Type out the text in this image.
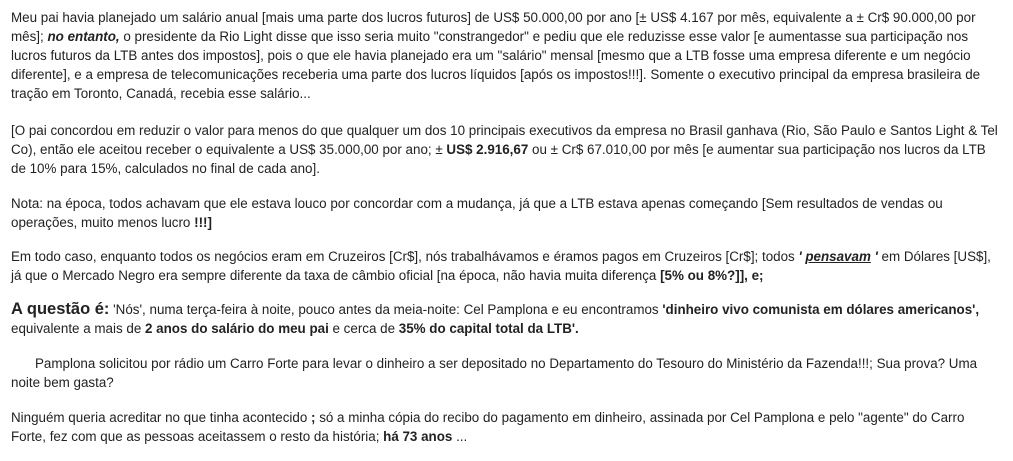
Meu pai havia planejado um salário anual [mais uma parte dos lucros futuros] de US$ 50.000,00 por ano [± US$ 4.167 por mês, equivalente a ± Cr$ 90.000,00 por mês]; no entanto, o presidente da Rio Light disse que isso seria muito "constrangedor" e pediu que ele reduzisse esse valor [e aumentasse sua participação nos lucros futuros da LTB antes dos impostos], pois o que ele havia planejado era um "salário" mensal [mesmo que a LTB fosse uma empresa diferente e um negócio diferente], e a empresa de telecomunicações receberia uma parte dos lucros líquidos [após os impostos!!!]. Somente o executivo principal da empresa brasileira de tração em Toronto, Canadá, recebia esse salário...

[O pai concordou em reduzir o valor para menos do que qualquer um dos 10 principais executivos da empresa no Brasil ganhava (Rio, São Paulo e Santos Light & Tel Co), então ele aceitou receber o equivalente a US$ 35.000,00 por ano; ± US$ 2.916,67 ou ± Cr$ 67.010,00 por mês [e aumentar sua participação nos lucros da LTB de 10% para 15%, calculados no final de cada ano].

Nota: na época, todos achavam que ele estava louco por concordar com a mudança, já que a LTB estava apenas começando [Sem resultados de vendas ou operações, muito menos lucro !!!]

Em todo caso, enquanto todos os negócios eram em Cruzeiros [Cr$], nós trabalhávamos e éramos pagos em Cruzeiros [Cr$]; todos ' pensavam ' em Dólares [US$], já que o Mercado Negro era sempre diferente da taxa de câmbio oficial [na época, não havia muita diferença [5% ou 8%?]], e;

A questão é: 'Nós', numa terça-feira à noite, pouco antes da meia-noite: Cel Pamplona e eu encontramos 'dinheiro vivo comunista em dólares americanos', equivalente a mais de 2 anos do salário do meu pai e cerca de 35% do capital total da LTB'.

Pamplona solicitou por rádio um Carro Forte para levar o dinheiro a ser depositado no Departamento do Tesouro do Ministério da Fazenda!!!; Sua prova? Uma noite bem gasta?

Ninguém queria acreditar no que tinha acontecido ; só a minha cópia do recibo do pagamento em dinheiro, assinada por Cel Pamplona e pelo "agente" do Carro Forte, fez com que as pessoas aceitassem o resto da história; há 73 anos ...
